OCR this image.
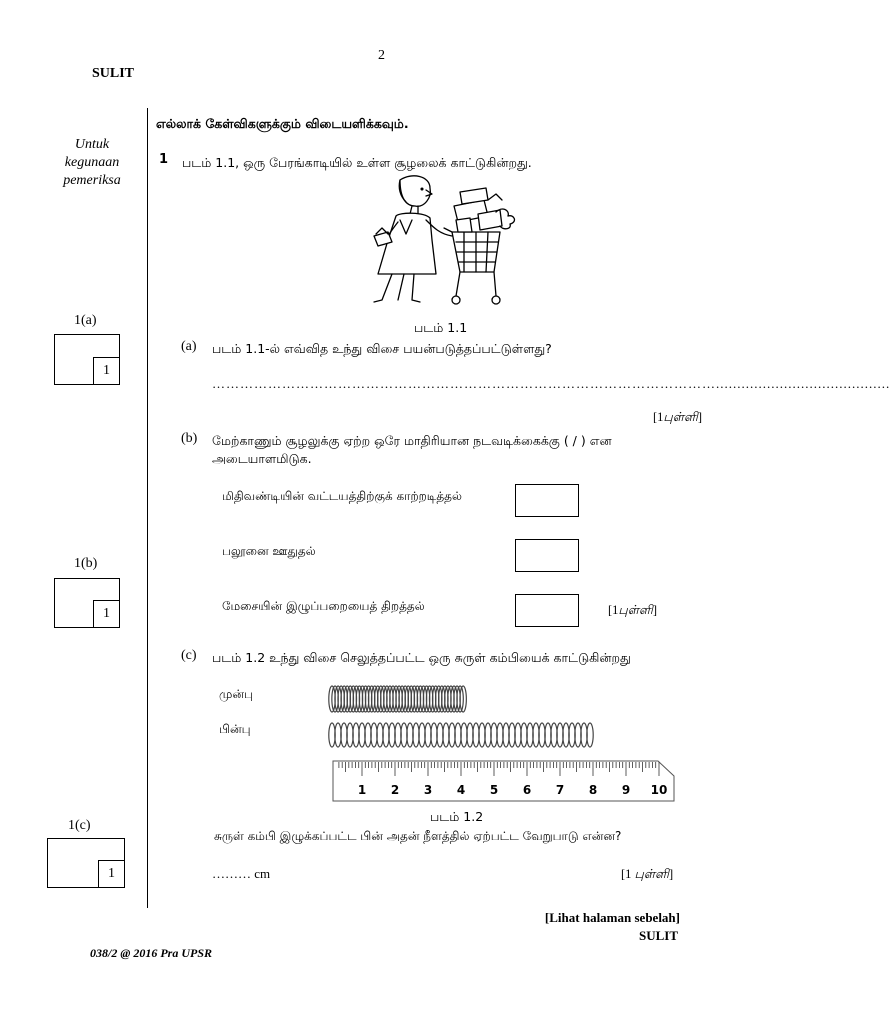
2
SULIT
Untuk
kegunaan
pemeriksa
1(a)
1
1(b)
1
1(c)
1
எல்லாக் கேள்விகளுக்கும் விடையளிக்கவும்.
1 படம் 1.1, ஒரு பேரங்காடியில் உள்ள சூழலைக் காட்டுகின்றது.
படம் 1.1
(a) படம் 1.1-ல் எவ்வித உந்து விசை பயன்படுத்தப்பட்டுள்ளது?
……………………………………………………………………………………………….........................................
[1புள்ளி]
(b) மேற்காணும் சூழலுக்கு ஏற்ற ஒரே மாதிரியான நடவடிக்கைக்கு ( / ) என
அடையாளமிடுக.
மிதிவண்டியின் வட்டயத்திற்குக் காற்றடித்தல்
பலூனை ஊதுதல்
மேசையின் இழுப்பறையைத் திறத்தல்	[1புள்ளி]
(c) படம் 1.2 உந்து விசை செலுத்தப்பட்ட ஒரு சுருள் கம்பியைக் காட்டுகின்றது
முன்பு
பின்பு
1 2 3 4 5 6 7 8 9 10
படம் 1.2
சுருள் கம்பி இழுக்கப்பட்ட பின் அதன் நீளத்தில் ஏற்பட்ட வேறுபாடு என்ன?
……… cm	[1 புள்ளி]
[Lihat halaman sebelah]
SULIT
038/2 @ 2016 Pra UPSR
